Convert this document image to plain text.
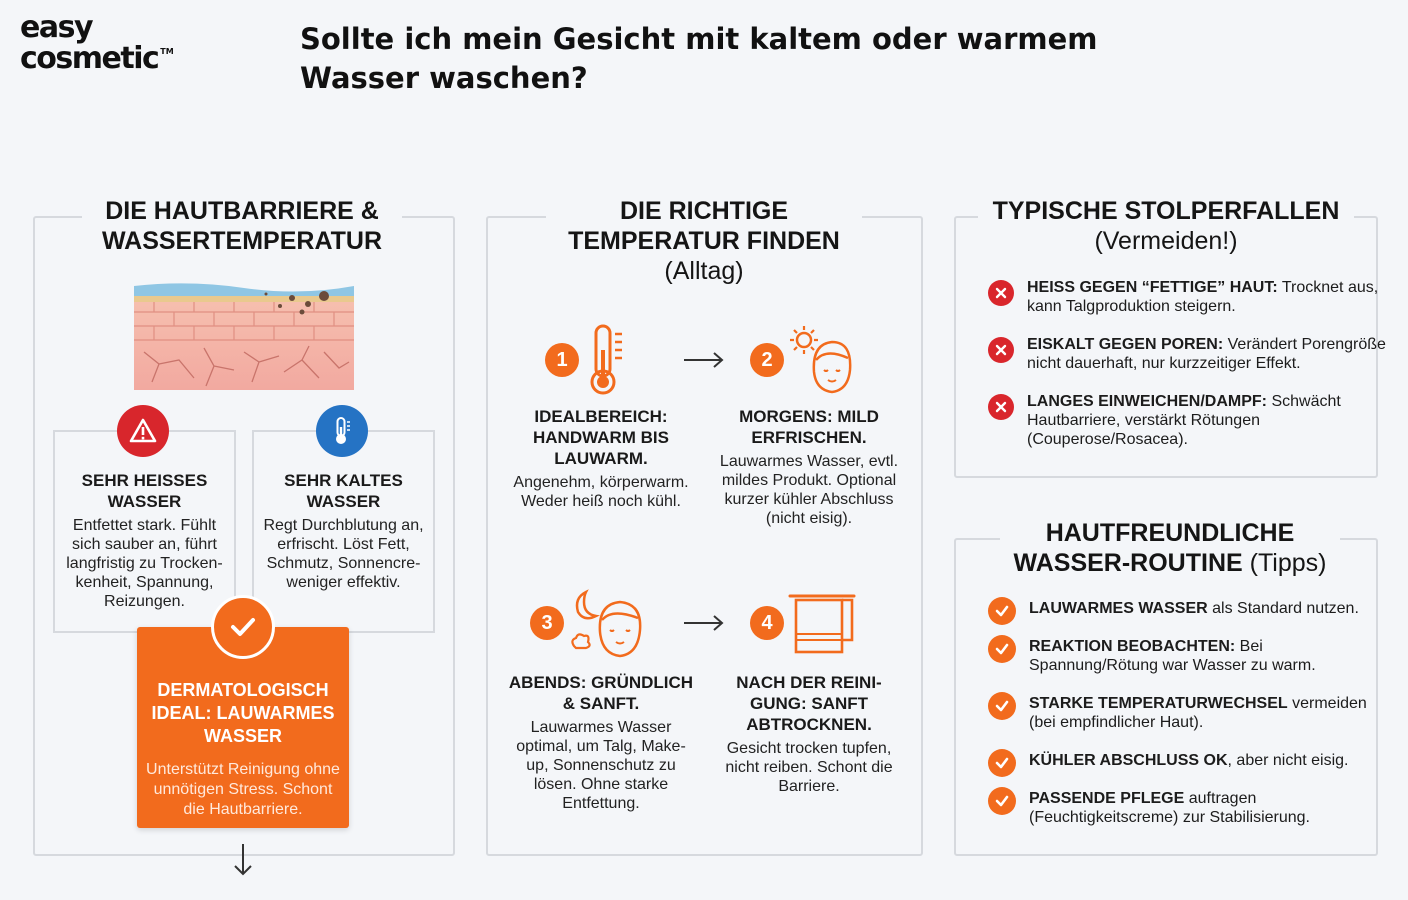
easy
cosmetic ™	Sollte ich mein Gesicht mit kaltem oder warmem Wasser waschen?
DIE HAUTBARRIERE & WASSERTEMPERATUR
SEHR HEISSES WASSER
Entfettet stark. Fühlt sich sauber an, führt langfristig zu Trocken-kenheit, Spannung, Reizungen.
SEHR KALTES WASSER
Regt Durchblutung an, erfrischt. Löst Fett, Schmutz, Sonnencre-weniger effektiv.
DERMATOLOGISCH IDEAL: LAUWARMES WASSER
Unterstützt Reinigung ohne unnötigen Stress. Schont die Hautbarriere.
DIE RICHTIGE TEMPERATUR FINDEN
(Alltag)
1
IDEALBEREICH: HANDWARM BIS LAUWARM.
Angenehm, körperwarm. Weder heiß noch kühl.
2
MORGENS: MILD ERFRISCHEN.
Lauwarmes Wasser, evtl. mildes Produkt. Optional kurzer kühler Abschluss (nicht eisig).
3
ABENDS: GRÜNDLICH & SANFT.
Lauwarmes Wasser optimal, um Talg, Make-up, Sonnenschutz zu lösen. Ohne starke Entfettung.
4
NACH DER REINI-GUNG: SANFT ABTROCKNEN.
Gesicht trocken tupfen, nicht reiben. Schont die Barriere.
TYPISCHE STOLPERFALLEN
(Vermeiden!)
HEISS GEGEN “FETTIGE” HAUT: Trocknet aus, kann Talgproduktion steigern.
EISKALT GEGEN POREN: Verändert Porengröße nicht dauerhaft, nur kurzzeitiger Effekt.
LANGES EINWEICHEN/DAMPF: Schwächt Hautbarriere, verstärkt Rötungen (Couperose/Rosacea).
HAUTFREUNDLICHE WASSER-ROUTINE (Tipps)
LAUWARMES WASSER als Standard nutzen.
REAKTION BEOBACHTEN: Bei Spannung/Rötung war Wasser zu warm.
STARKE TEMPERATURWECHSEL vermeiden (bei empfindlicher Haut).
KÜHLER ABSCHLUSS OK, aber nicht eisig.
PASSENDE PFLEGE auftragen (Feuchtigkeitscreme) zur Stabilisierung.
